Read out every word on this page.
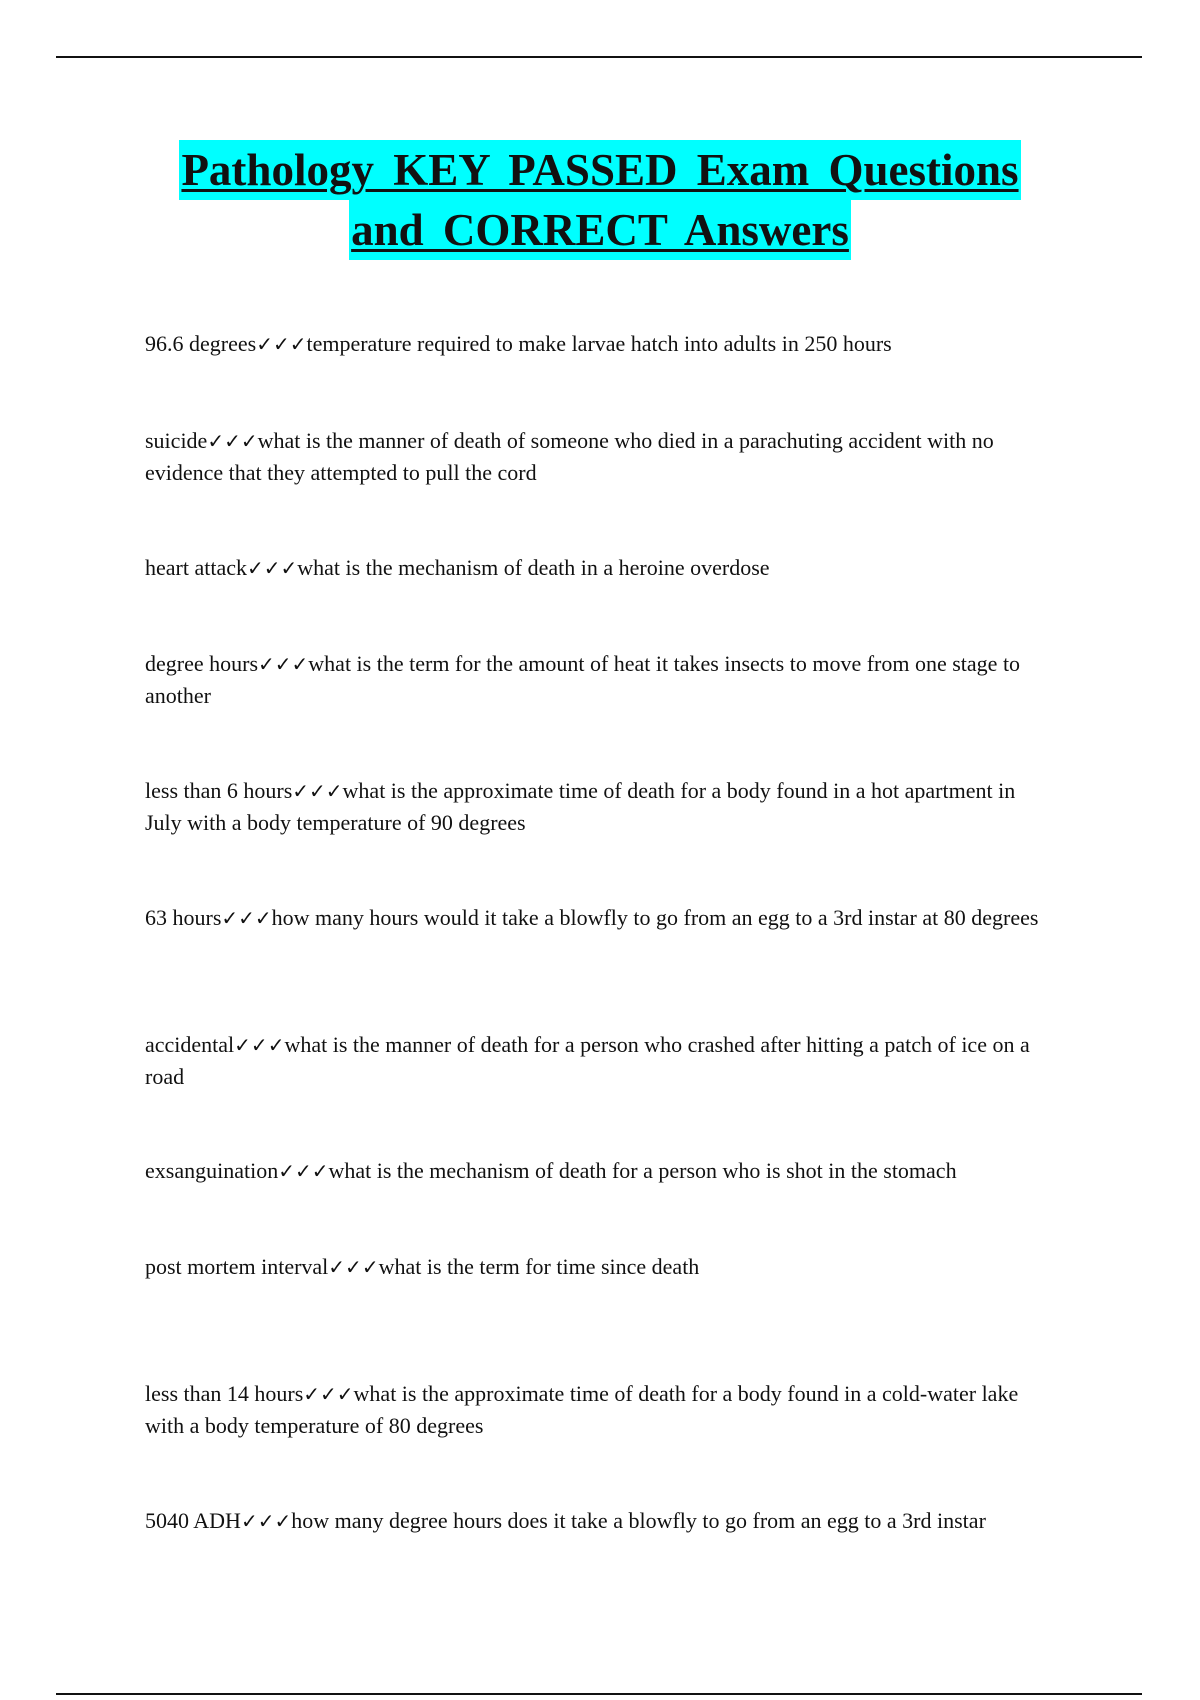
Pathology KEY PASSED Exam Questions
and CORRECT Answers
96.6 degrees✓✓✓temperature required to make larvae hatch into adults in 250 hours
suicide✓✓✓what is the manner of death of someone who died in a parachuting accident with no evidence that they attempted to pull the cord
heart attack✓✓✓what is the mechanism of death in a heroine overdose
degree hours✓✓✓what is the term for the amount of heat it takes insects to move from one stage to another
less than 6 hours✓✓✓what is the approximate time of death for a body found in a hot apartment in July with a body temperature of 90 degrees
63 hours✓✓✓how many hours would it take a blowfly to go from an egg to a 3rd instar at 80 degrees
accidental✓✓✓what is the manner of death for a person who crashed after hitting a patch of ice on a road
exsanguination✓✓✓what is the mechanism of death for a person who is shot in the stomach
post mortem interval✓✓✓what is the term for time since death
less than 14 hours✓✓✓what is the approximate time of death for a body found in a cold-water lake with a body temperature of 80 degrees
5040 ADH✓✓✓how many degree hours does it take a blowfly to go from an egg to a 3rd instar
